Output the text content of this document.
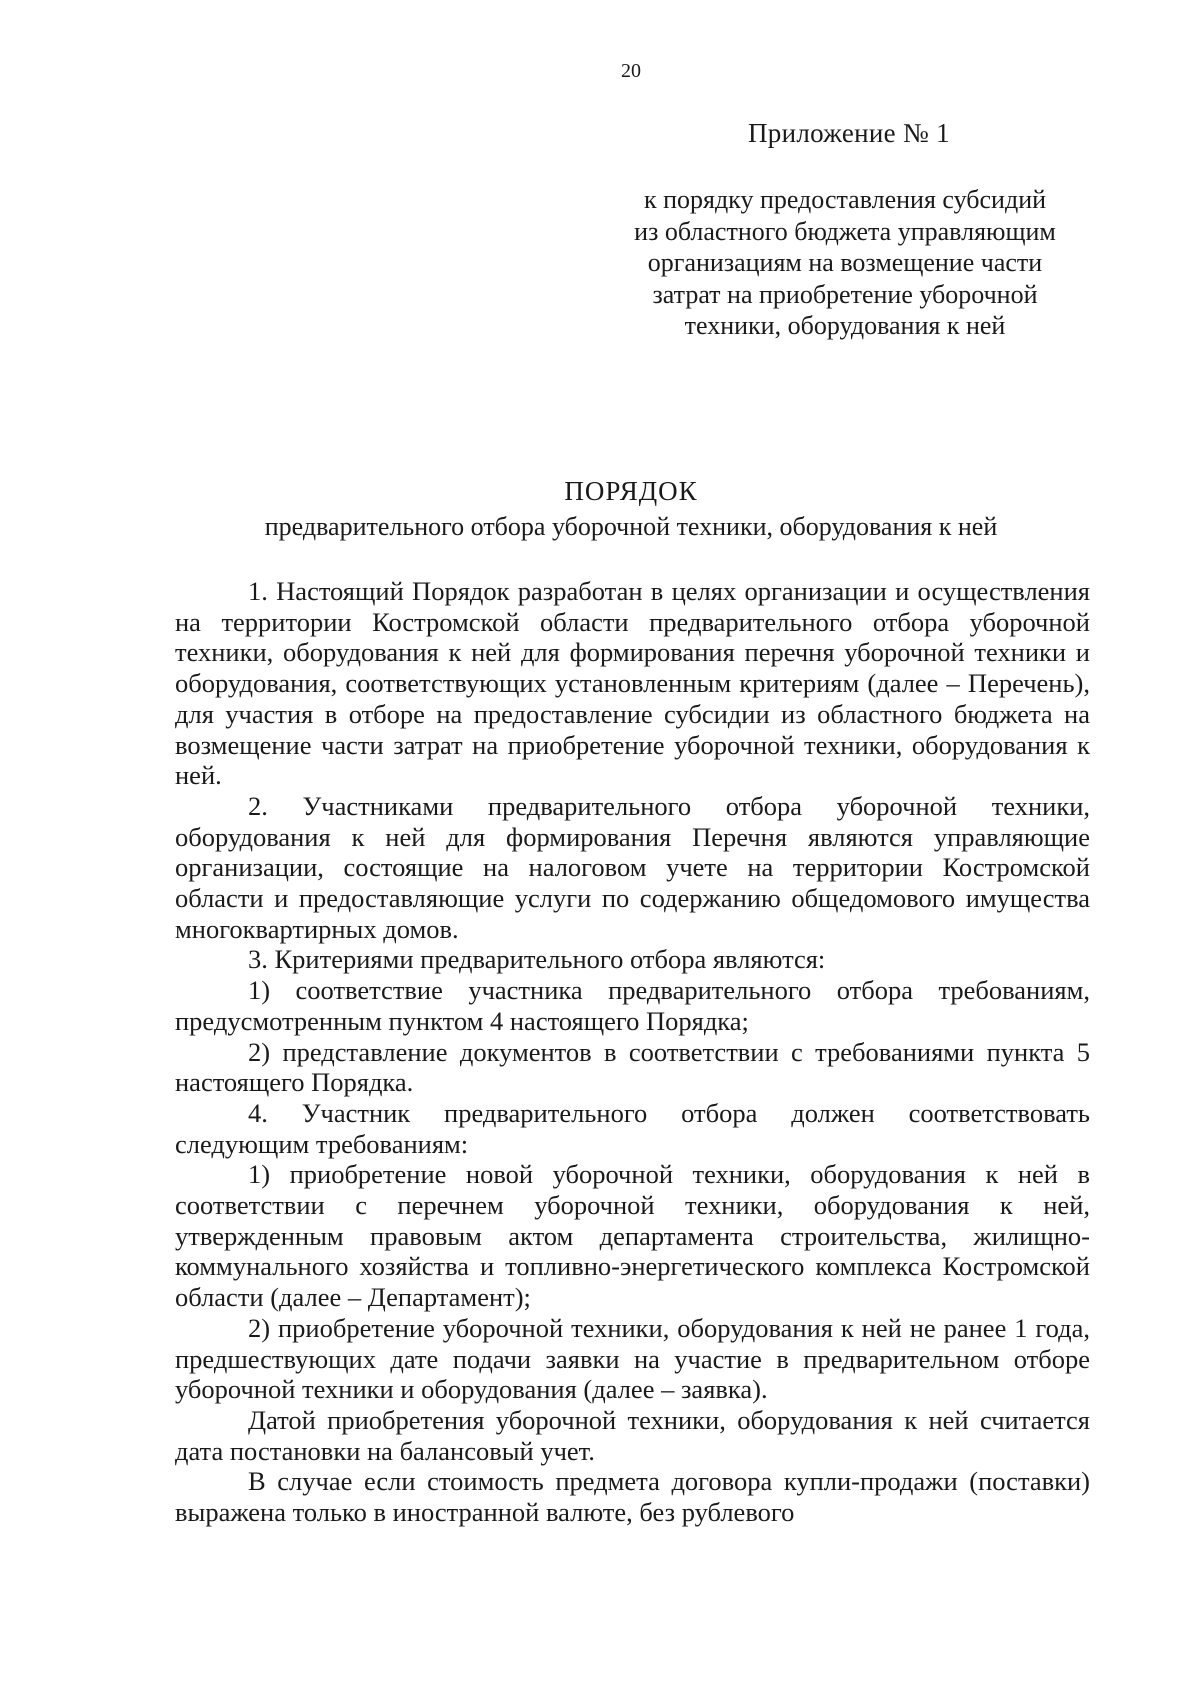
20
Приложение № 1
к порядку предоставления субсидий из областного бюджета управляющим организациям на возмещение части затрат на приобретение уборочной техники, оборудования к ней
ПОРЯДОК
предварительного отбора уборочной техники, оборудования к ней

1. Настоящий Порядок разработан в целях организации и осуществления на территории Костромской области предварительного отбора уборочной техники, оборудования к ней для формирования перечня уборочной техники и оборудования, соответствующих установленным критериям (далее – Перечень), для участия в отборе на предоставление субсидии из областного бюджета на возмещение части затрат на приобретение уборочной техники, оборудования к ней.

2. Участниками предварительного отбора уборочной техники, оборудования к ней для формирования Перечня являются управляющие организации, состоящие на налоговом учете на территории Костромской области и предоставляющие услуги по содержанию общедомового имущества многоквартирных домов.

3. Критериями предварительного отбора являются:

1) соответствие участника предварительного отбора требованиям, предусмотренным пунктом 4 настоящего Порядка;

2) представление документов в соответствии с требованиями пункта 5 настоящего Порядка.

4. Участник предварительного отбора должен соответствовать следующим требованиям:

1) приобретение новой уборочной техники, оборудования к ней в соответствии с перечнем уборочной техники, оборудования к ней, утвержденным правовым актом департамента строительства, жилищно-коммунального хозяйства и топливно-энергетического комплекса Костромской области (далее – Департамент);

2) приобретение уборочной техники, оборудования к ней не ранее 1 года, предшествующих дате подачи заявки на участие в предварительном отборе уборочной техники и оборудования (далее – заявка).

Датой приобретения уборочной техники, оборудования к ней считается дата постановки на балансовый учет.

В случае если стоимость предмета договора купли-продажи (поставки) выражена только в иностранной валюте, без рублевого
